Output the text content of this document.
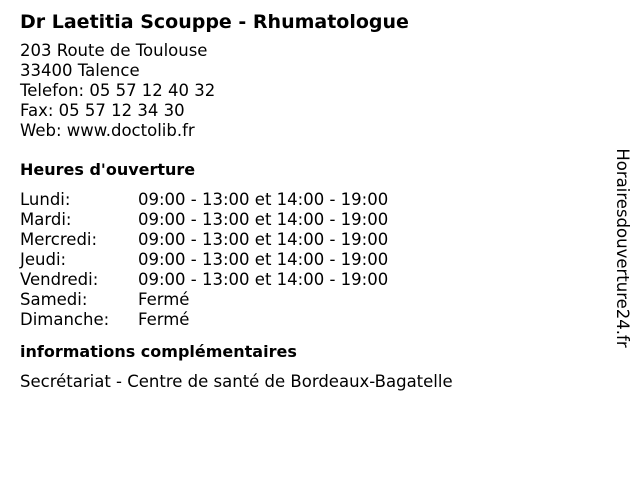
Dr Laetitia Scouppe - Rhumatologue
203 Route de Toulouse
33400 Talence
Telefon: 05 57 12 40 32
Fax: 05 57 12 34 30
Web: www.doctolib.fr
Heures d'ouverture
Lundi:	09:00 - 13:00 et 14:00 - 19:00
Mardi:	09:00 - 13:00 et 14:00 - 19:00
Mercredi:	09:00 - 13:00 et 14:00 - 19:00
Jeudi:	09:00 - 13:00 et 14:00 - 19:00
Vendredi:	09:00 - 13:00 et 14:00 - 19:00
Samedi:	Fermé
Dimanche:	Fermé
informations complémentaires
Secrétariat - Centre de santé de Bordeaux-Bagatelle
Horairesdouverture24.fr
